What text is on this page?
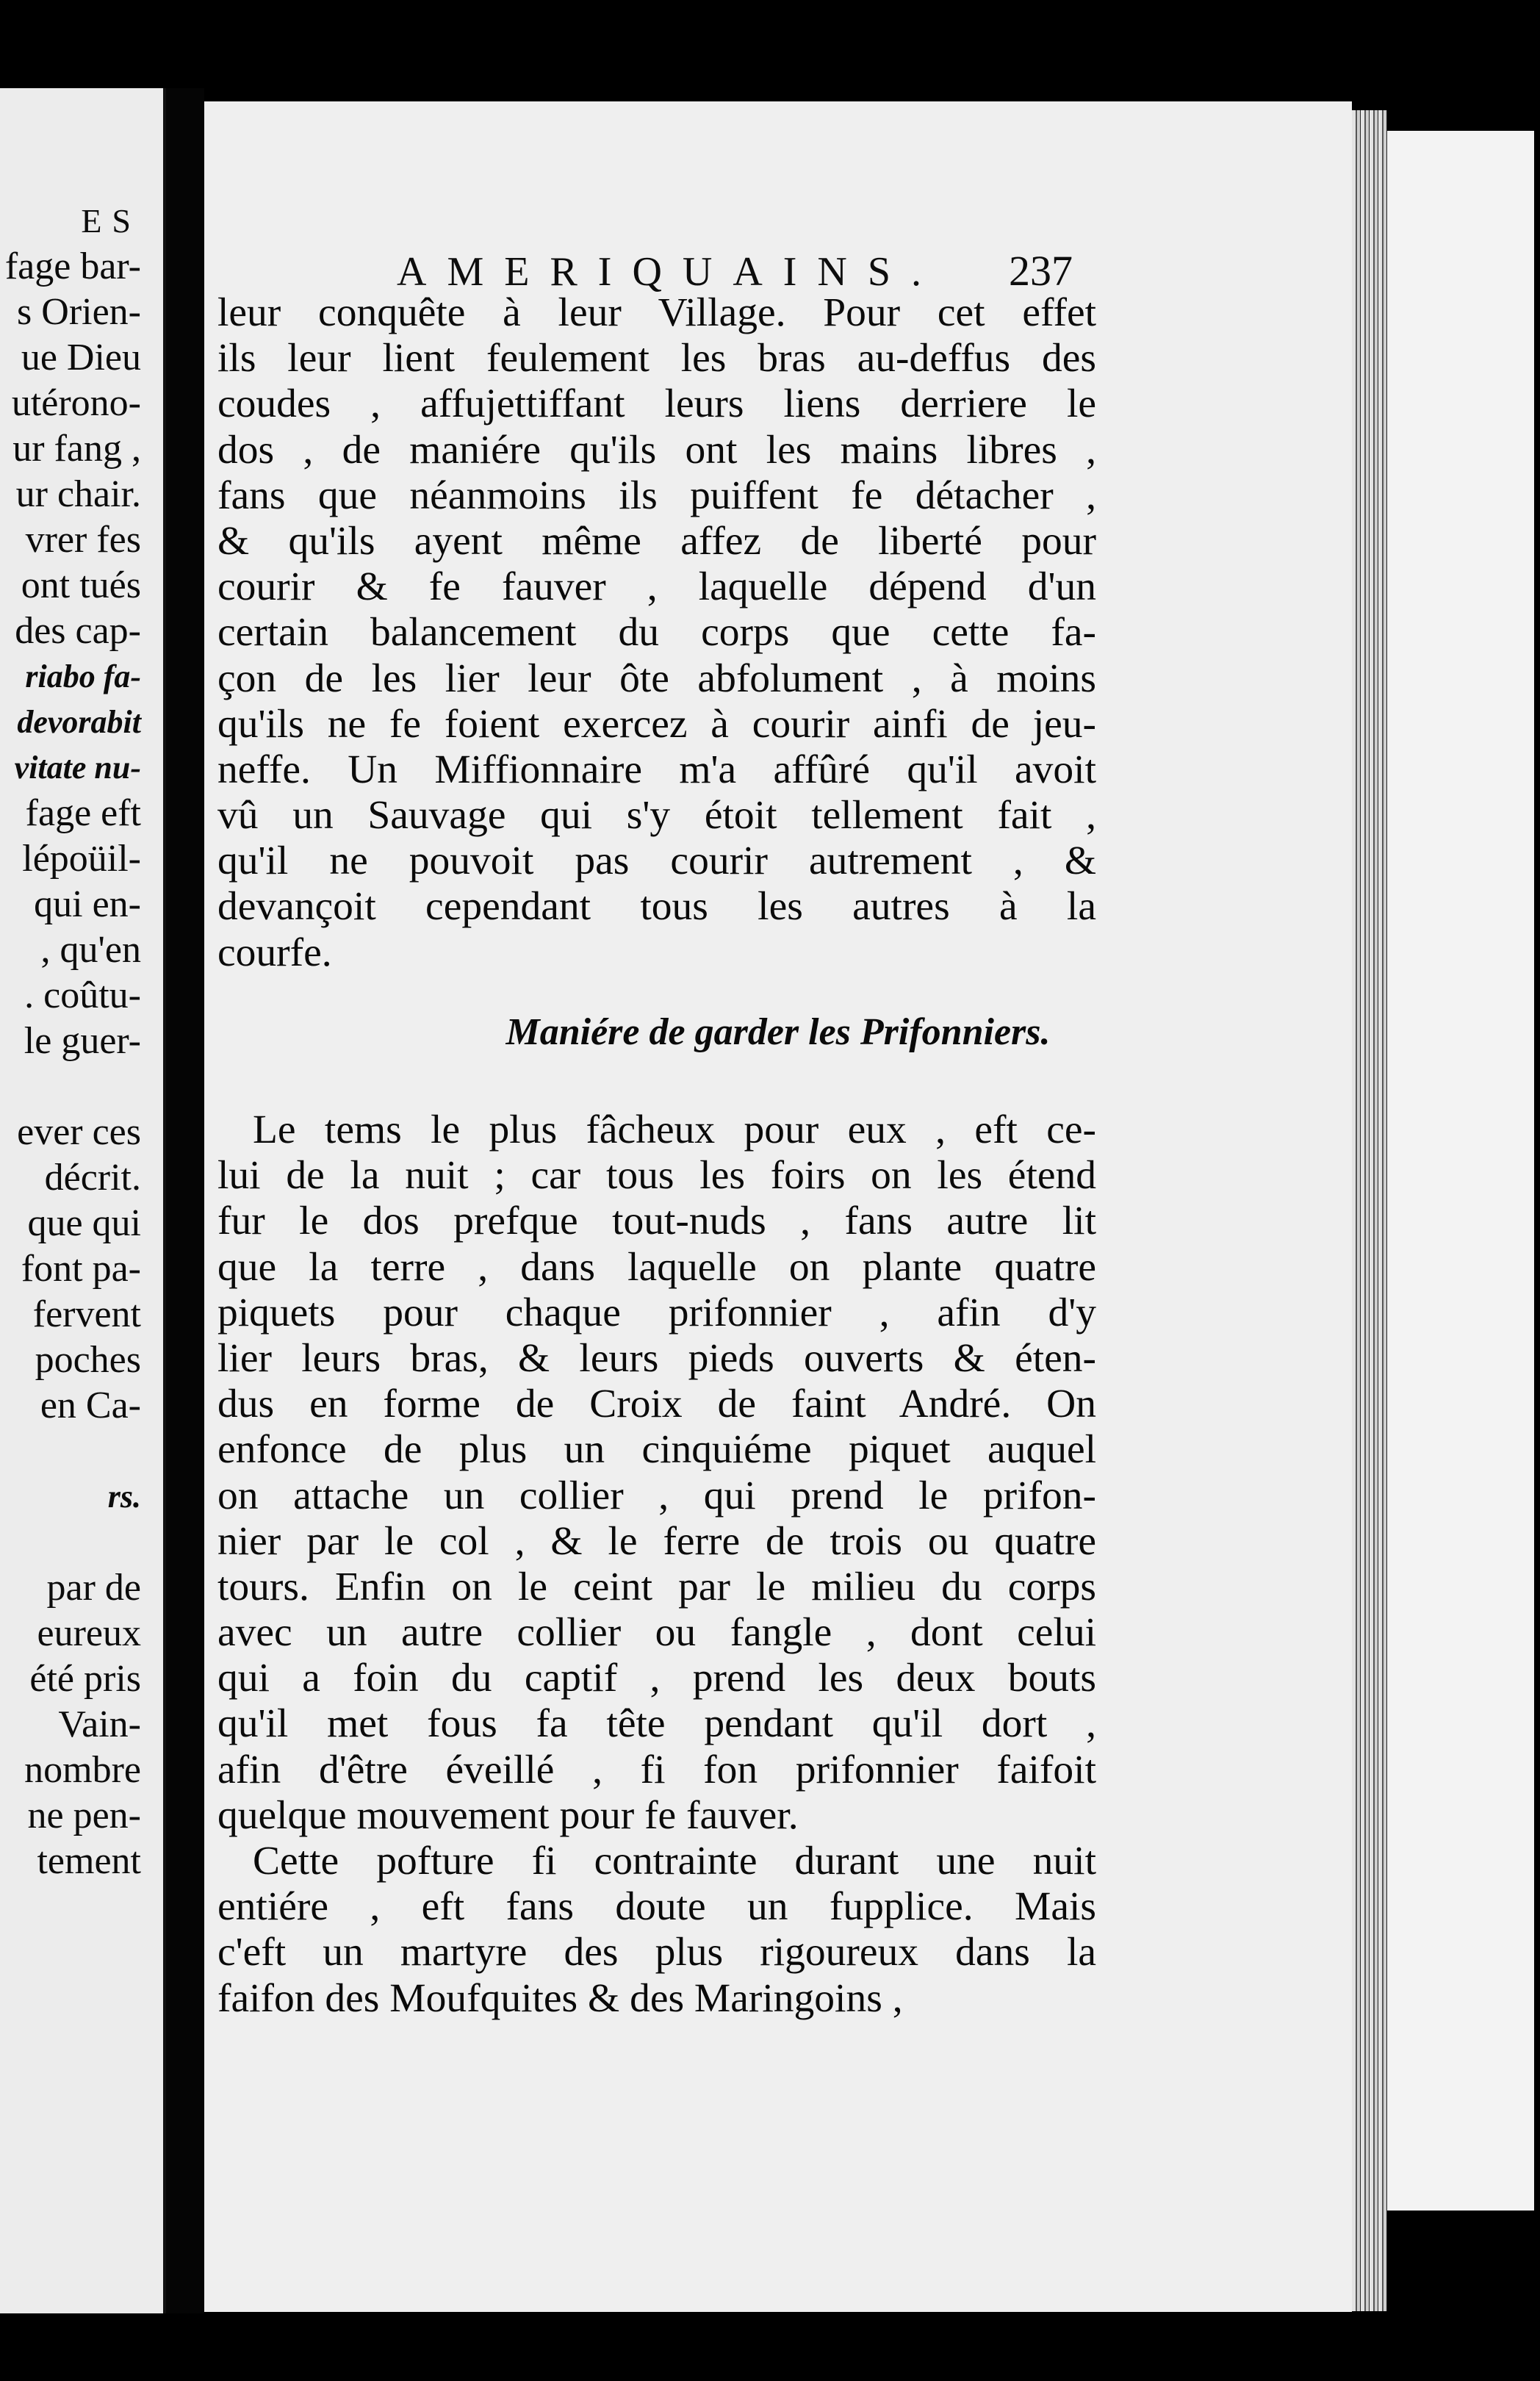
ES
fage bar-
s Orien-
ue Dieu
utérono-
ur fang ,
ur chair.
vrer fes
ont tués
des cap-
riabo fa-
devorabit
vitate nu-
fage eft
lépoüil-
qui en-
, qu'en
. coûtu-
le guer-
ever ces
décrit.
que qui
font pa-
fervent
poches
en Ca-
rs.
par de
eureux
été pris
Vain-
nombre
ne pen-
tement
AMERIQUAINS. 237
leur conquête à leur Village. Pour cet effet
ils leur lient feulement les bras au-deffus des
coudes , affujettiffant leurs liens derriere le
dos , de maniére qu'ils ont les mains libres ,
fans que néanmoins ils puiffent fe détacher ,
& qu'ils ayent même affez de liberté pour
courir & fe fauver , laquelle dépend d'un
certain balancement du corps que cette fa-
çon de les lier leur ôte abfolument , à moins
qu'ils ne fe foient exercez à courir ainfi de jeu-
neffe. Un Miffionnaire m'a affûré qu'il avoit
vû un Sauvage qui s'y étoit tellement fait ,
qu'il ne pouvoit pas courir autrement , &
devançoit cependant tous les autres à la
courfe.
Maniére de garder les Prifonniers.
Le tems le plus fâcheux pour eux , eft ce-
lui de la nuit ; car tous les foirs on les étend
fur le dos prefque tout-nuds , fans autre lit
que la terre , dans laquelle on plante quatre
piquets pour chaque prifonnier , afin d'y
lier leurs bras, & leurs pieds ouverts & éten-
dus en forme de Croix de faint André. On
enfonce de plus un cinquiéme piquet auquel
on attache un collier , qui prend le prifon-
nier par le col , & le ferre de trois ou quatre
tours. Enfin on le ceint par le milieu du corps
avec un autre collier ou fangle , dont celui
qui a foin du captif , prend les deux bouts
qu'il met fous fa tête pendant qu'il dort ,
afin d'être éveillé , fi fon prifonnier faifoit
quelque mouvement pour fe fauver.
Cette pofture fi contrainte durant une nuit
entiére , eft fans doute un fupplice. Mais
c'eft un martyre des plus rigoureux dans la
faifon des Moufquites & des Maringoins ,
